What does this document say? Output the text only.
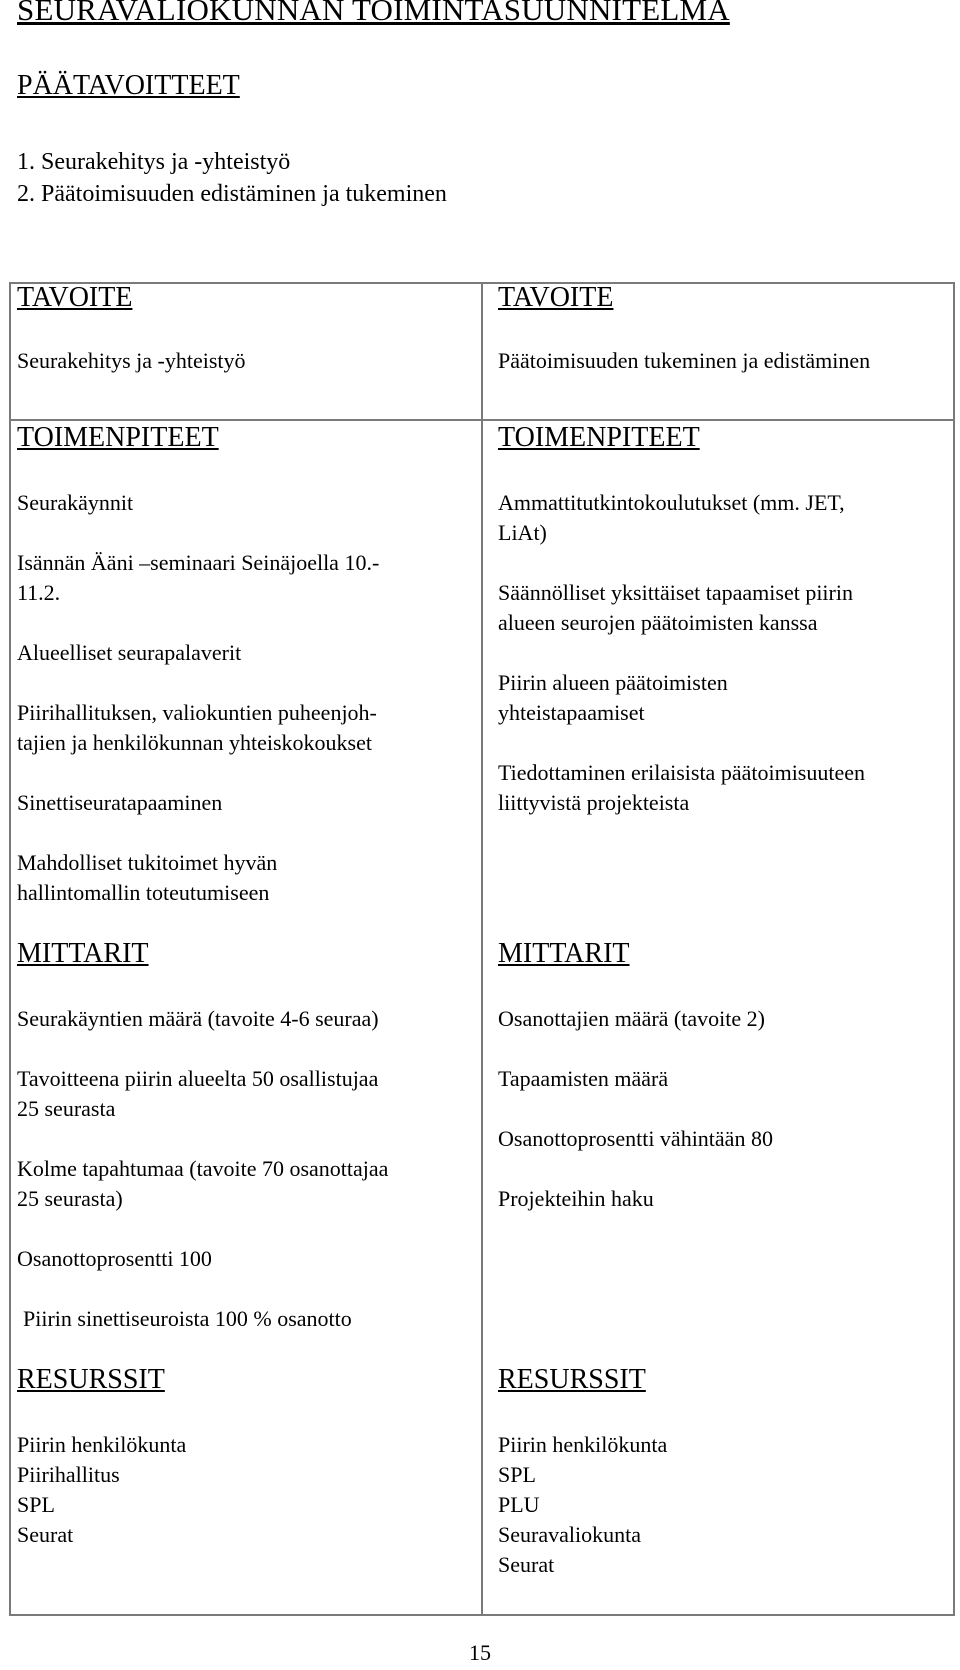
SEURAVALIOKUNNAN TOIMINTASUUNNITELMA
PÄÄTAVOITTEET
1. Seurakehitys ja -yhteistyö
2. Päätoimisuuden edistäminen ja tukeminen
TAVOITE

Seurakehitys ja -yhteistyö

TOIMENPITEET

Seurakäynnit

Isännän Ääni –seminaari Seinäjoella 10.-

11.2.

Alueelliset seurapalaverit

Piirihallituksen, valiokuntien puheenjoh-

tajien ja henkilökunnan yhteiskokoukset

Sinettiseuratapaaminen

Mahdolliset tukitoimet hyvän

hallintomallin toteutumiseen

MITTARIT

Seurakäyntien määrä (tavoite 4-6 seuraa)

Tavoitteena piirin alueelta 50 osallistujaa

25 seurasta

Kolme tapahtumaa (tavoite 70 osanottajaa

25 seurasta)

Osanottoprosentti 100

Piirin sinettiseuroista 100 % osanotto

RESURSSIT

Piirin henkilökunta

Piirihallitus

SPL

Seurat

TAVOITE

Päätoimisuuden tukeminen ja edistäminen

TOIMENPITEET

Ammattitutkintokoulutukset (mm. JET,

LiAt)

Säännölliset yksittäiset tapaamiset piirin

alueen seurojen päätoimisten kanssa

Piirin alueen päätoimisten

yhteistapaamiset

Tiedottaminen erilaisista päätoimisuuteen

liittyvistä projekteista

MITTARIT

Osanottajien määrä (tavoite 2)

Tapaamisten määrä

Osanottoprosentti vähintään 80

Projekteihin haku

RESURSSIT

Piirin henkilökunta

SPL

PLU

Seuravaliokunta

Seurat

15
